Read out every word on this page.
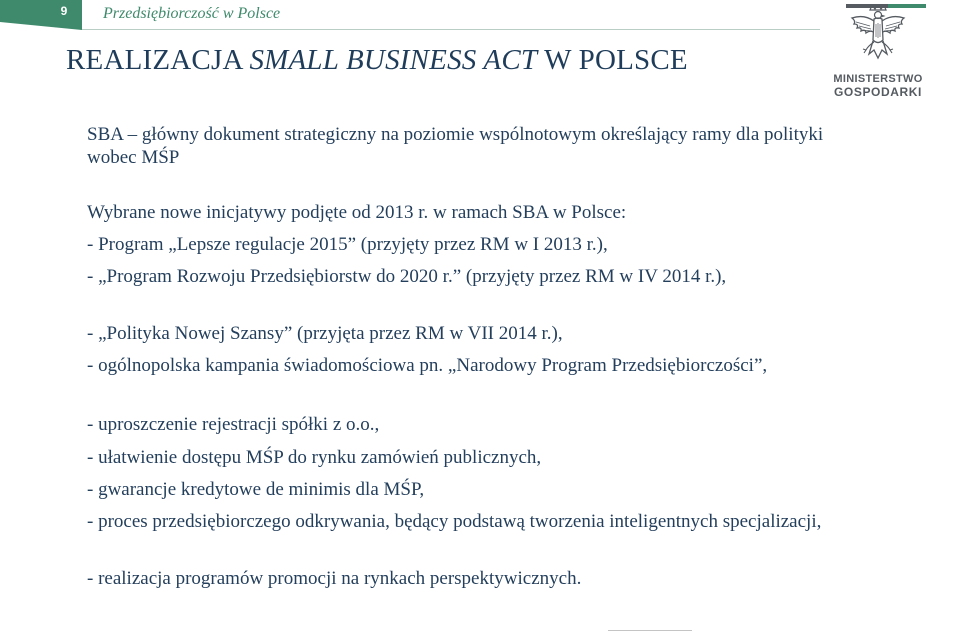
9 Przedsiębiorczość w Polsce
REALIZACJA SMALL BUSINESS ACT W POLSCE
MINISTERSTWO
GOSPODARKI

SBA – główny dokument strategiczny na poziomie wspólnotowym określający ramy dla polityki wobec MŚP

Wybrane nowe inicjatywy podjęte od 2013 r. w ramach SBA w Polsce:

- Program „Lepsze regulacje 2015” (przyjęty przez RM w I 2013 r.),

- „Program Rozwoju Przedsiębiorstw do 2020 r.” (przyjęty przez RM w IV 2014 r.),

- „Polityka Nowej Szansy” (przyjęta przez RM w VII 2014 r.),

- ogólnopolska kampania świadomościowa pn. „Narodowy Program Przedsiębiorczości”,

- uproszczenie rejestracji spółki z o.o.,

- ułatwienie dostępu MŚP do rynku zamówień publicznych,

- gwarancje kredytowe de minimis dla MŚP,

- proces przedsiębiorczego odkrywania, będący podstawą tworzenia inteligentnych specjalizacji,

- realizacja programów promocji na rynkach perspektywicznych.
